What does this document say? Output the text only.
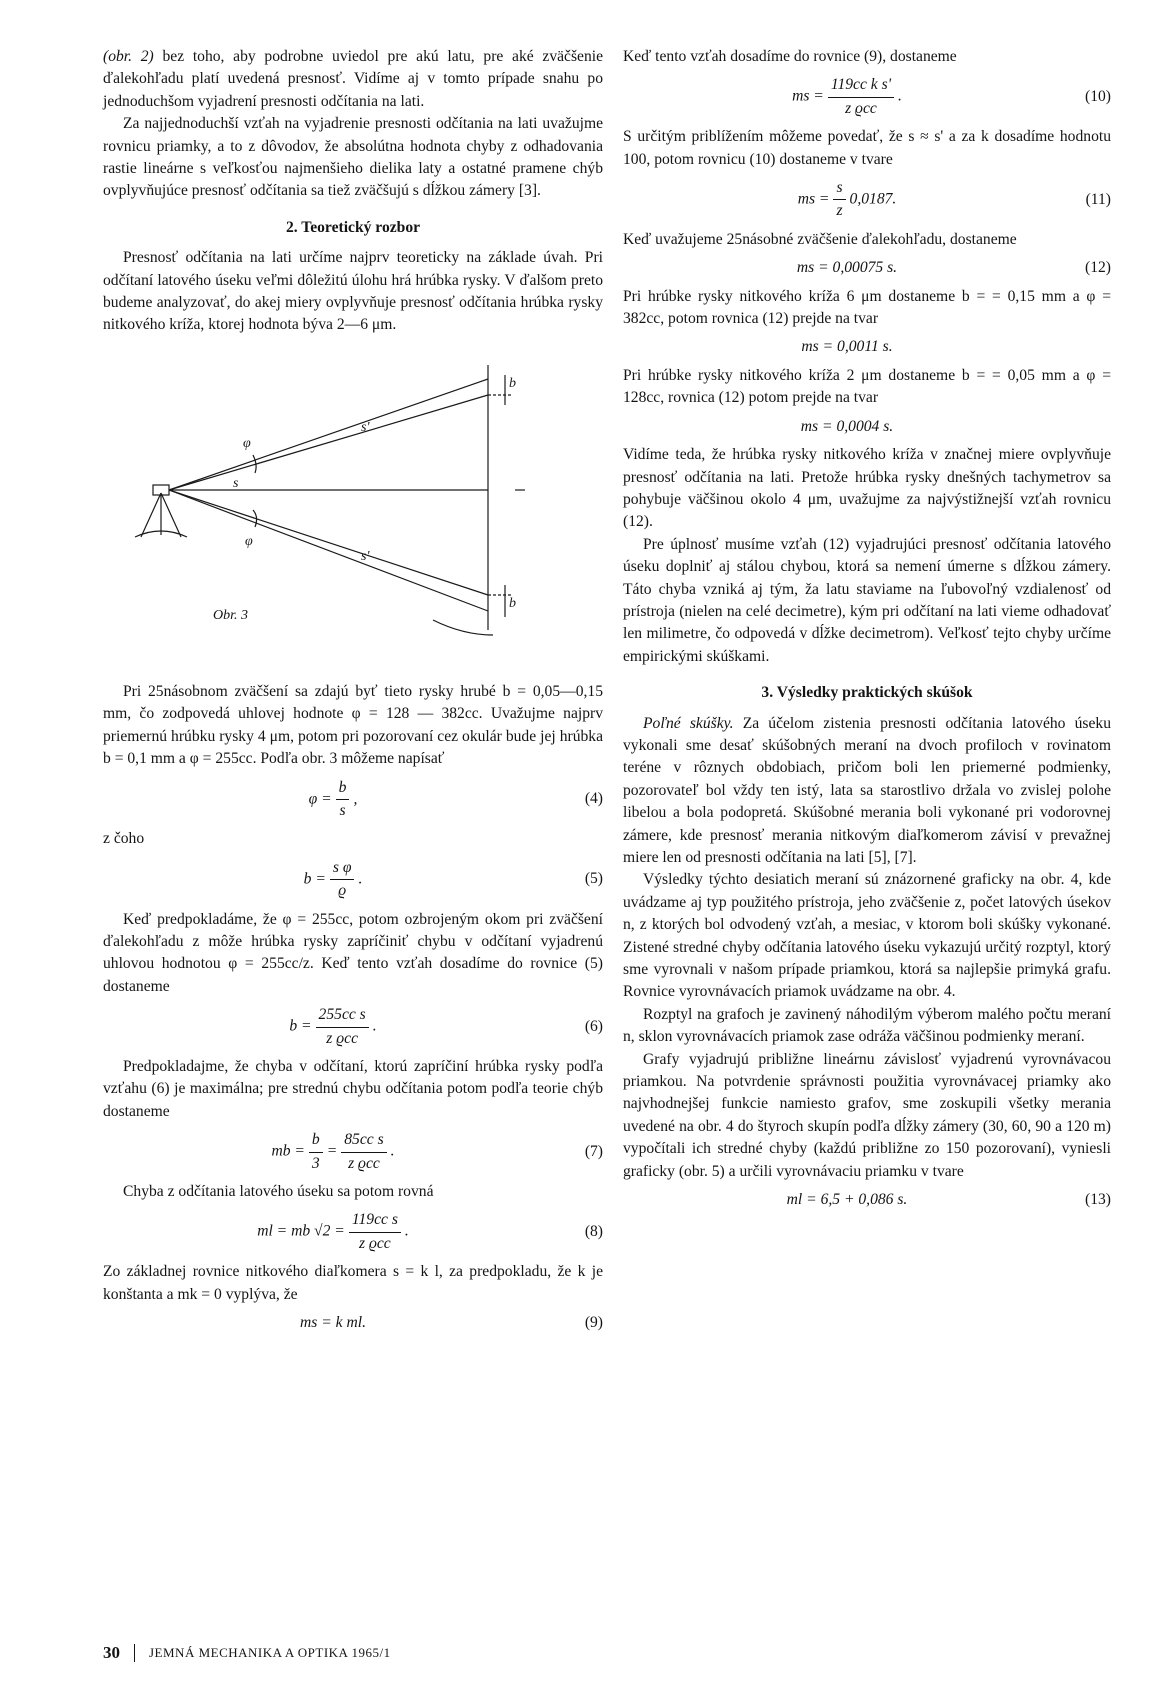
(obr. 2) bez toho, aby podrobne uviedol pre akú latu, pre aké zväčšenie ďalekohľadu platí uvedená presnosť. Vidíme aj v tomto prípade snahu po jednoduchšom vyjadrení presnosti odčítania na lati.

Za najjednoduchší vzťah na vyjadrenie presnosti odčítania na lati uvažujme rovnicu priamky, a to z dôvodov, že absolútna hodnota chyby z odhadovania rastie lineárne s veľkosťou najmenšieho dielika laty a ostatné pramene chýb ovplyvňujúce presnosť odčítania sa tiež zväčšujú s dĺžkou zámery [3].

2. Teoretický rozbor

Presnosť odčítania na lati určíme najprv teoreticky na základe úvah. Pri odčítaní latového úseku veľmi dôležitú úlohu hrá hrúbka rysky. V ďalšom preto budeme analyzovať, do akej miery ovplyvňuje presnosť odčítania hrúbka rysky nitkového kríža, ktorej hodnota býva 2—6 μm.

φ
φ
s'
s
s'
b
b
Obr. 3

Pri 25násobnom zväčšení sa zdajú byť tieto rysky hrubé b = 0,05—0,15 mm, čo zodpovedá uhlovej hodnote φ = 128 — 382cc. Uvažujme najprv priemernú hrúbku rysky 4 μm, potom pri pozorovaní cez okulár bude jej hrúbka b = 0,1 mm a φ = 255cc. Podľa obr. 3 môžeme napísať

$\varphi = \frac{b}{s}$ ,	(4)

z čoho

$b = \frac{\text{s φ}}{ϱ}$ .	(5)

Keď predpokladáme, že φ = 255cc, potom ozbrojeným okom pri zväčšení ďalekohľadu z môže hrúbka rysky zapríčiniť chybu v odčítaní vyjadrenú uhlovou hodnotou φ = 255cc/z. Keď tento vzťah dosadíme do rovnice (5) dostaneme

$b = \frac{\text{255cc s}}{\text{z ϱcc}}$ .	(6)

Predpokladajme, že chyba v odčítaní, ktorú zapríčiní hrúbka rysky podľa vzťahu (6) je maximálna; pre strednú chybu odčítania potom podľa teorie chýb dostaneme

mb = $\frac{b}{3} = \frac{\text{85cc s}}{\text{z ϱcc}}$ .	(7)

Chyba z odčítania latového úseku sa potom rovná

ml = mb $√2 = \frac{\text{119cc s}}{\text{z ϱcc}}$ .	(8)

Zo základnej rovnice nitkového diaľkomera s = k l, za predpokladu, že k je konštanta a mk = 0 vyplýva, že

ms = k ml.	(9)

Keď tento vzťah dosadíme do rovnice (9), dostaneme

ms = $\frac{\text{119cc k s'}}{\text{z ϱcc}}$ .	(10)

S určitým priblížením môžeme povedať, že s ≈ s' a za k dosadíme hodnotu 100, potom rovnicu (10) dostaneme v tvare

ms = $\frac{s}{z} 0,0187$.	(11)

Keď uvažujeme 25násobné zväčšenie ďalekohľadu, dostaneme

ms = 0,00075 s.	(12)

Pri hrúbke rysky nitkového kríža 6 μm dostaneme b = = 0,15 mm a φ = 382cc, potom rovnica (12) prejde na tvar

ms = 0,0011 s.

Pri hrúbke rysky nitkového kríža 2 μm dostaneme b = = 0,05 mm a φ = 128cc, rovnica (12) potom prejde na tvar

ms = 0,0004 s.

Vidíme teda, že hrúbka rysky nitkového kríža v značnej miere ovplyvňuje presnosť odčítania na lati. Pretože hrúbka rysky dnešných tachymetrov sa pohybuje väčšinou okolo 4 μm, uvažujme za najvýstižnejší vzťah rovnicu (12).

Pre úplnosť musíme vzťah (12) vyjadrujúci presnosť odčítania latového úseku doplniť aj stálou chybou, ktorá sa nemení úmerne s dĺžkou zámery. Táto chyba vzniká aj tým, ža latu staviame na ľubovoľný vzdialenosť od prístroja (nielen na celé decimetre), kým pri odčítaní na lati vieme odhadovať len milimetre, čo odpovedá v dĺžke decimetrom). Veľkosť tejto chyby určíme empirickými skúškami.

3. Výsledky praktických skúšok

Poľné skúšky. Za účelom zistenia presnosti odčítania latového úseku vykonali sme desať skúšobných meraní na dvoch profiloch v rovinatom teréne v rôznych obdobiach, pričom boli len priemerné podmienky, pozorovateľ bol vždy ten istý, lata sa starostlivo držala vo zvislej polohe libelou a bola podopretá. Skúšobné merania boli vykonané pri vodorovnej zámere, kde presnosť merania nitkovým diaľkomerom závisí v prevažnej miere len od presnosti odčítania na lati [5], [7].

Výsledky týchto desiatich meraní sú znázornené graficky na obr. 4, kde uvádzame aj typ použitého prístroja, jeho zväčšenie z, počet latových úsekov n, z ktorých bol odvodený vzťah, a mesiac, v ktorom boli skúšky vykonané. Zistené stredné chyby odčítania latového úseku vykazujú určitý rozptyl, ktorý sme vyrovnali v našom prípade priamkou, ktorá sa najlepšie primyká grafu. Rovnice vyrovnávacích priamok uvádzame na obr. 4.

Rozptyl na grafoch je zavinený náhodilým výberom malého počtu meraní n, sklon vyrovnávacích priamok zase odráža väčšinou podmienky meraní.

Grafy vyjadrujú približne lineárnu závislosť vyjadrenú vyrovnávacou priamkou. Na potvrdenie správnosti použitia vyrovnávacej priamky ako najvhodnejšej funkcie namiesto grafov, sme zoskupili všetky merania uvedené na obr. 4 do štyroch skupín podľa dĺžky zámery (30, 60, 90 a 120 m) vypočítali ich stredné chyby (každú približne zo 150 pozorovaní), vyniesli graficky (obr. 5) a určili vyrovnávaciu priamku v tvare

ml = 6,5 + 0,086 s.	(13)
30 JEMNÁ MECHANIKA A OPTIKA 1965/1
